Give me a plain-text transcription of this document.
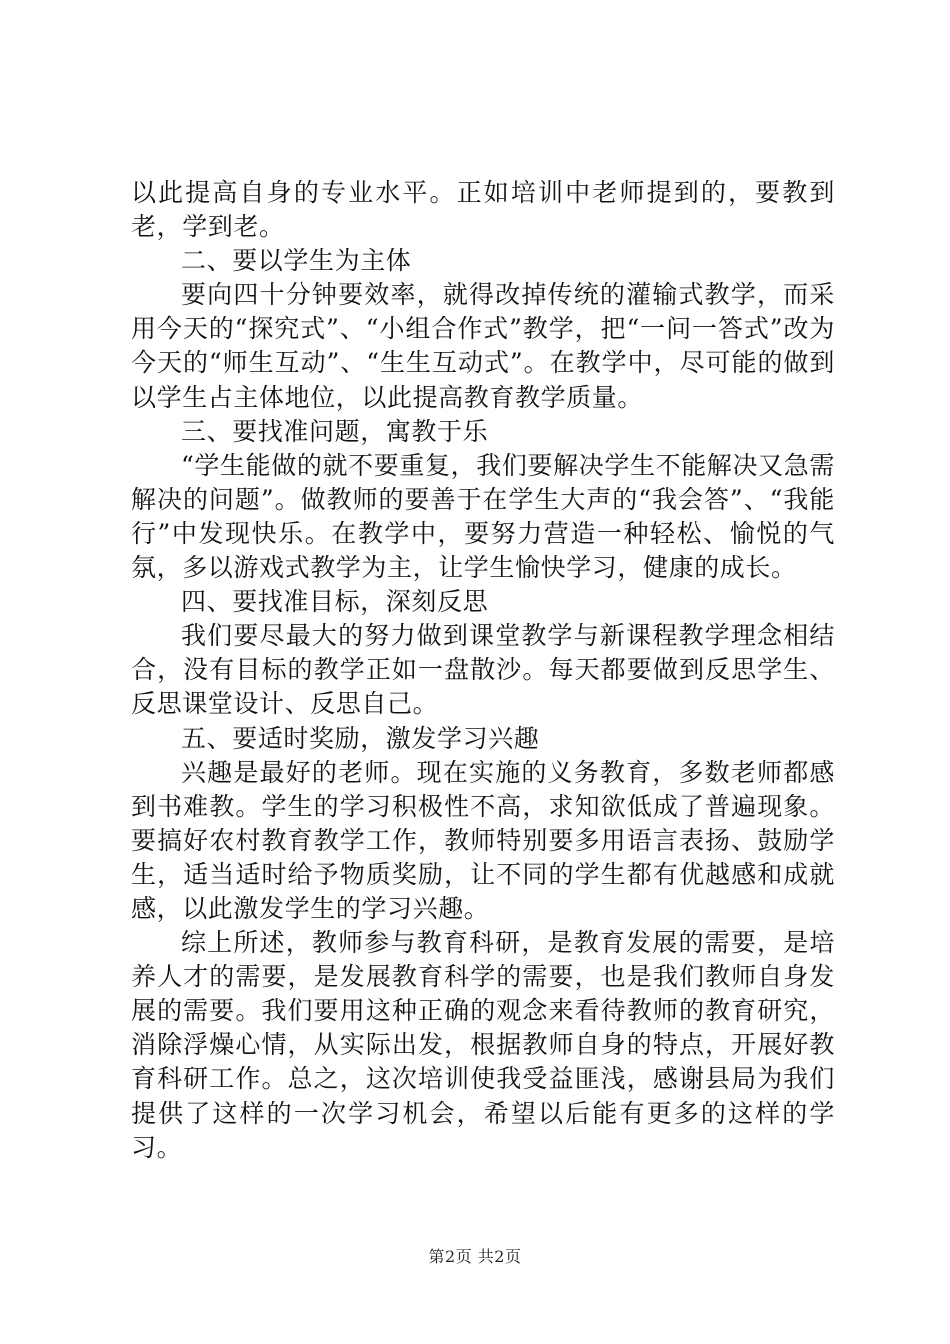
以此提高自身的专业水平。正如培训中老师提到的，要教到老，学到老。

二、要以学生为主体

要向四十分钟要效率，就得改掉传统的灌输式教学，而采用今天的“探究式”、“小组合作式”教学，把“一问一答式”改为今天的“师生互动”、“生生互动式”。在教学中，尽可能的做到以学生占主体地位，以此提高教育教学质量。

三、要找准问题，寓教于乐

“学生能做的就不要重复，我们要解决学生不能解决又急需解决的问题”。做教师的要善于在学生大声的“我会答”、“我能行”中发现快乐。在教学中，要努力营造一种轻松、愉悦的气氛，多以游戏式教学为主，让学生愉快学习，健康的成长。

四、要找准目标，深刻反思

我们要尽最大的努力做到课堂教学与新课程教学理念相结合，没有目标的教学正如一盘散沙。每天都要做到反思学生、反思课堂设计、反思自己。

五、要适时奖励，激发学习兴趣

兴趣是最好的老师。现在实施的义务教育，多数老师都感到书难教。学生的学习积极性不高，求知欲低成了普遍现象。要搞好农村教育教学工作，教师特别要多用语言表扬、鼓励学生，适当适时给予物质奖励，让不同的学生都有优越感和成就感，以此激发学生的学习兴趣。

综上所述，教师参与教育科研，是教育发展的需要，是培养人才的需要，是发展教育科学的需要，也是我们教师自身发展的需要。我们要用这种正确的观念来看待教师的教育研究，消除浮燥心情，从实际出发，根据教师自身的特点，开展好教育科研工作。总之，这次培训使我受益匪浅，感谢县局为我们提供了这样的一次学习机会，希望以后能有更多的这样的学习。

第2页 共2页
